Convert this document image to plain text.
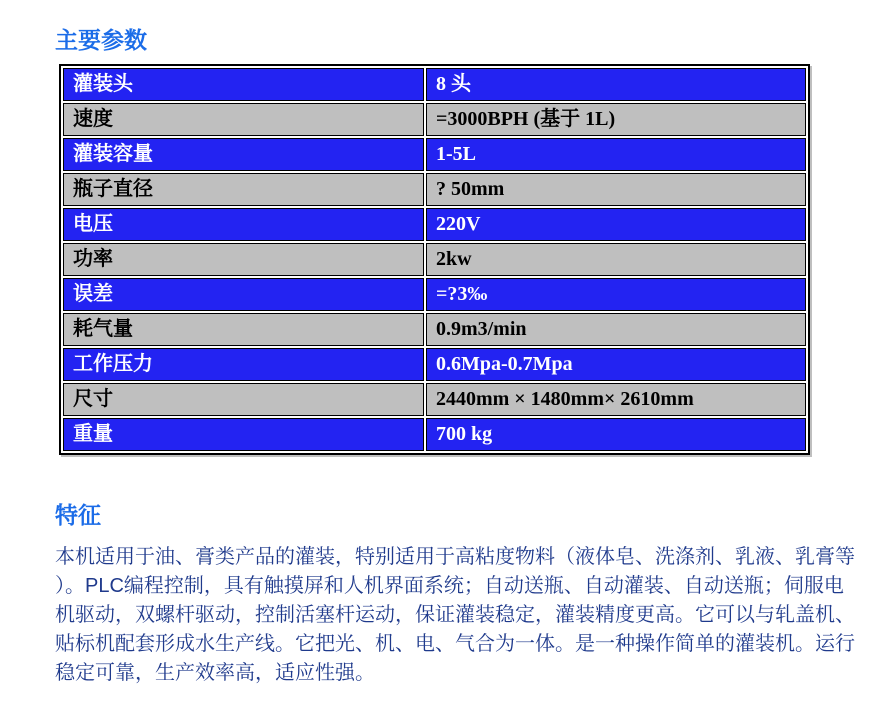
主要参数
灌装头	8 头
速度	=3000BPH (基于 1L)
灌装容量	1-5L
瓶子直径	? 50mm
电压	220V
功率	2kw
误差	=?3‰
耗气量	0.9m3/min
工作压力	0.6Mpa-0.7Mpa
尺寸	2440mm × 1480mm× 2610mm
重量	700 kg
特征
本机适用于油、膏类产品的灌装，特别适用于高粘度物料（液体皂、洗涤剂、乳液、乳膏等
）。PLC编程控制，具有触摸屏和人机界面系统；自动送瓶、自动灌装、自动送瓶；伺服电
机驱动，双螺杆驱动，控制活塞杆运动，保证灌装稳定，灌装精度更高。它可以与轧盖机、
贴标机配套形成水生产线。它把光、机、电、气合为一体。是一种操作简单的灌装机。运行
稳定可靠，生产效率高，适应性强。
